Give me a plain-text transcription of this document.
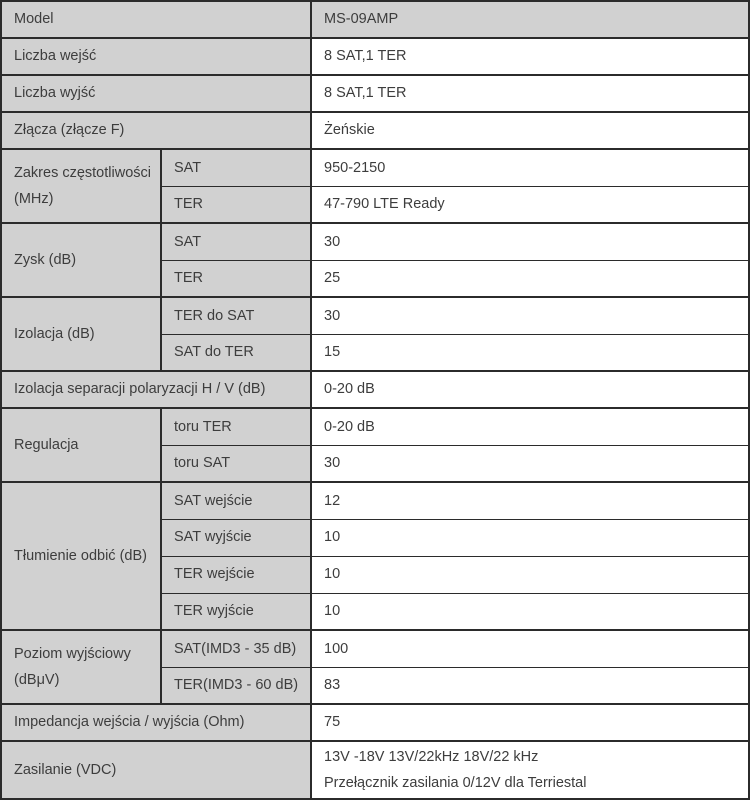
Model		MS-09AMP
Liczba wejść		8 SAT,1 TER
Liczba wyjść		8 SAT,1 TER
Złącza (złącze F)		Żeńskie
Zakres częstotliwości (MHz)	SAT	950-2150
	TER	47-790 LTE Ready
Zysk (dB)	SAT	30
	TER	25
Izolacja (dB)	TER do SAT	30
	SAT do TER	15
Izolacja separacji polaryzacji H / V (dB)		0-20 dB
Regulacja	toru TER	0-20 dB
	toru SAT	30
Tłumienie odbić (dB)	SAT wejście	12
	SAT wyjście	10
	TER wejście	10
	TER wyjście	10
Poziom wyjściowy (dBμV)	SAT(IMD3 - 35 dB)	100
	TER(IMD3 - 60 dB)	83
Impedancja wejścia / wyjścia (Ohm)		75
Zasilanie (VDC)		13V -18V 13V/22kHz 18V/22 kHz
Przełącznik zasilania 0/12V dla Terriestal
